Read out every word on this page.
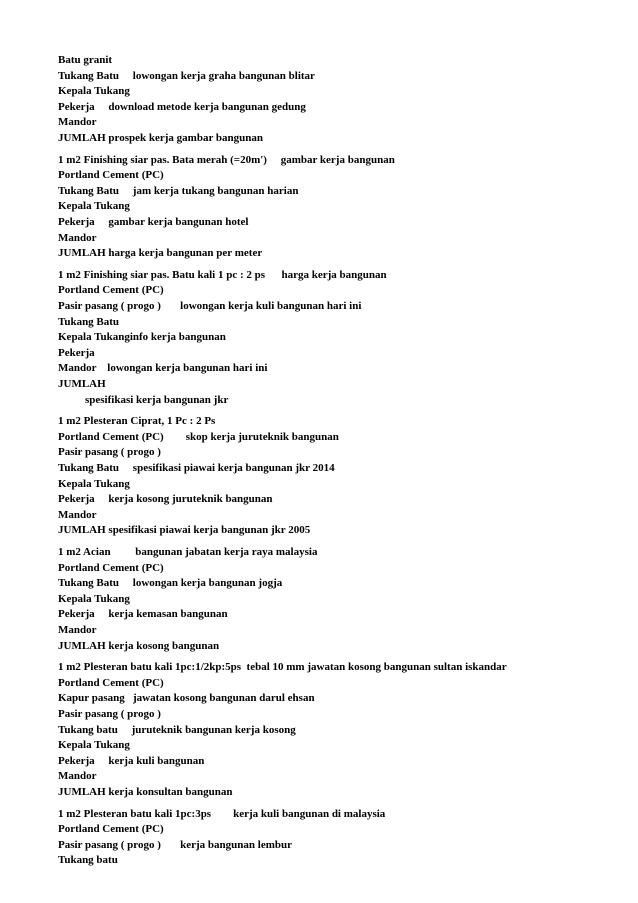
Batu granit
Tukang Batu     lowongan kerja graha bangunan blitar
Kepala Tukang
Pekerja     download metode kerja bangunan gedung
Mandor
JUMLAH prospek kerja gambar bangunan
1 m2 Finishing siar pas. Bata merah (=20m')     gambar kerja bangunan
Portland Cement (PC)
Tukang Batu     jam kerja tukang bangunan harian
Kepala Tukang
Pekerja     gambar kerja bangunan hotel
Mandor
JUMLAH harga kerja bangunan per meter
1 m2 Finishing siar pas. Batu kali 1 pc : 2 ps      harga kerja bangunan
Portland Cement (PC)
Pasir pasang ( progo )       lowongan kerja kuli bangunan hari ini
Tukang Batu
Kepala Tukanginfo kerja bangunan
Pekerja
Mandor    lowongan kerja bangunan hari ini
JUMLAH
spesifikasi kerja bangunan jkr
1 m2 Plesteran Ciprat, 1 Pc : 2 Ps
Portland Cement (PC)        skop kerja juruteknik bangunan
Pasir pasang ( progo )
Tukang Batu     spesifikasi piawai kerja bangunan jkr 2014
Kepala Tukang
Pekerja     kerja kosong juruteknik bangunan
Mandor
JUMLAH spesifikasi piawai kerja bangunan jkr 2005
1 m2 Acian         bangunan jabatan kerja raya malaysia
Portland Cement (PC)
Tukang Batu     lowongan kerja bangunan jogja
Kepala Tukang
Pekerja     kerja kemasan bangunan
Mandor
JUMLAH kerja kosong bangunan
1 m2 Plesteran batu kali 1pc:1/2kp:5ps  tebal 10 mm jawatan kosong bangunan sultan iskandar
Portland Cement (PC)
Kapur pasang   jawatan kosong bangunan darul ehsan
Pasir pasang ( progo )
Tukang batu     juruteknik bangunan kerja kosong
Kepala Tukang
Pekerja     kerja kuli bangunan
Mandor
JUMLAH kerja konsultan bangunan
1 m2 Plesteran batu kali 1pc:3ps        kerja kuli bangunan di malaysia
Portland Cement (PC)
Pasir pasang ( progo )       kerja bangunan lembur
Tukang batu
